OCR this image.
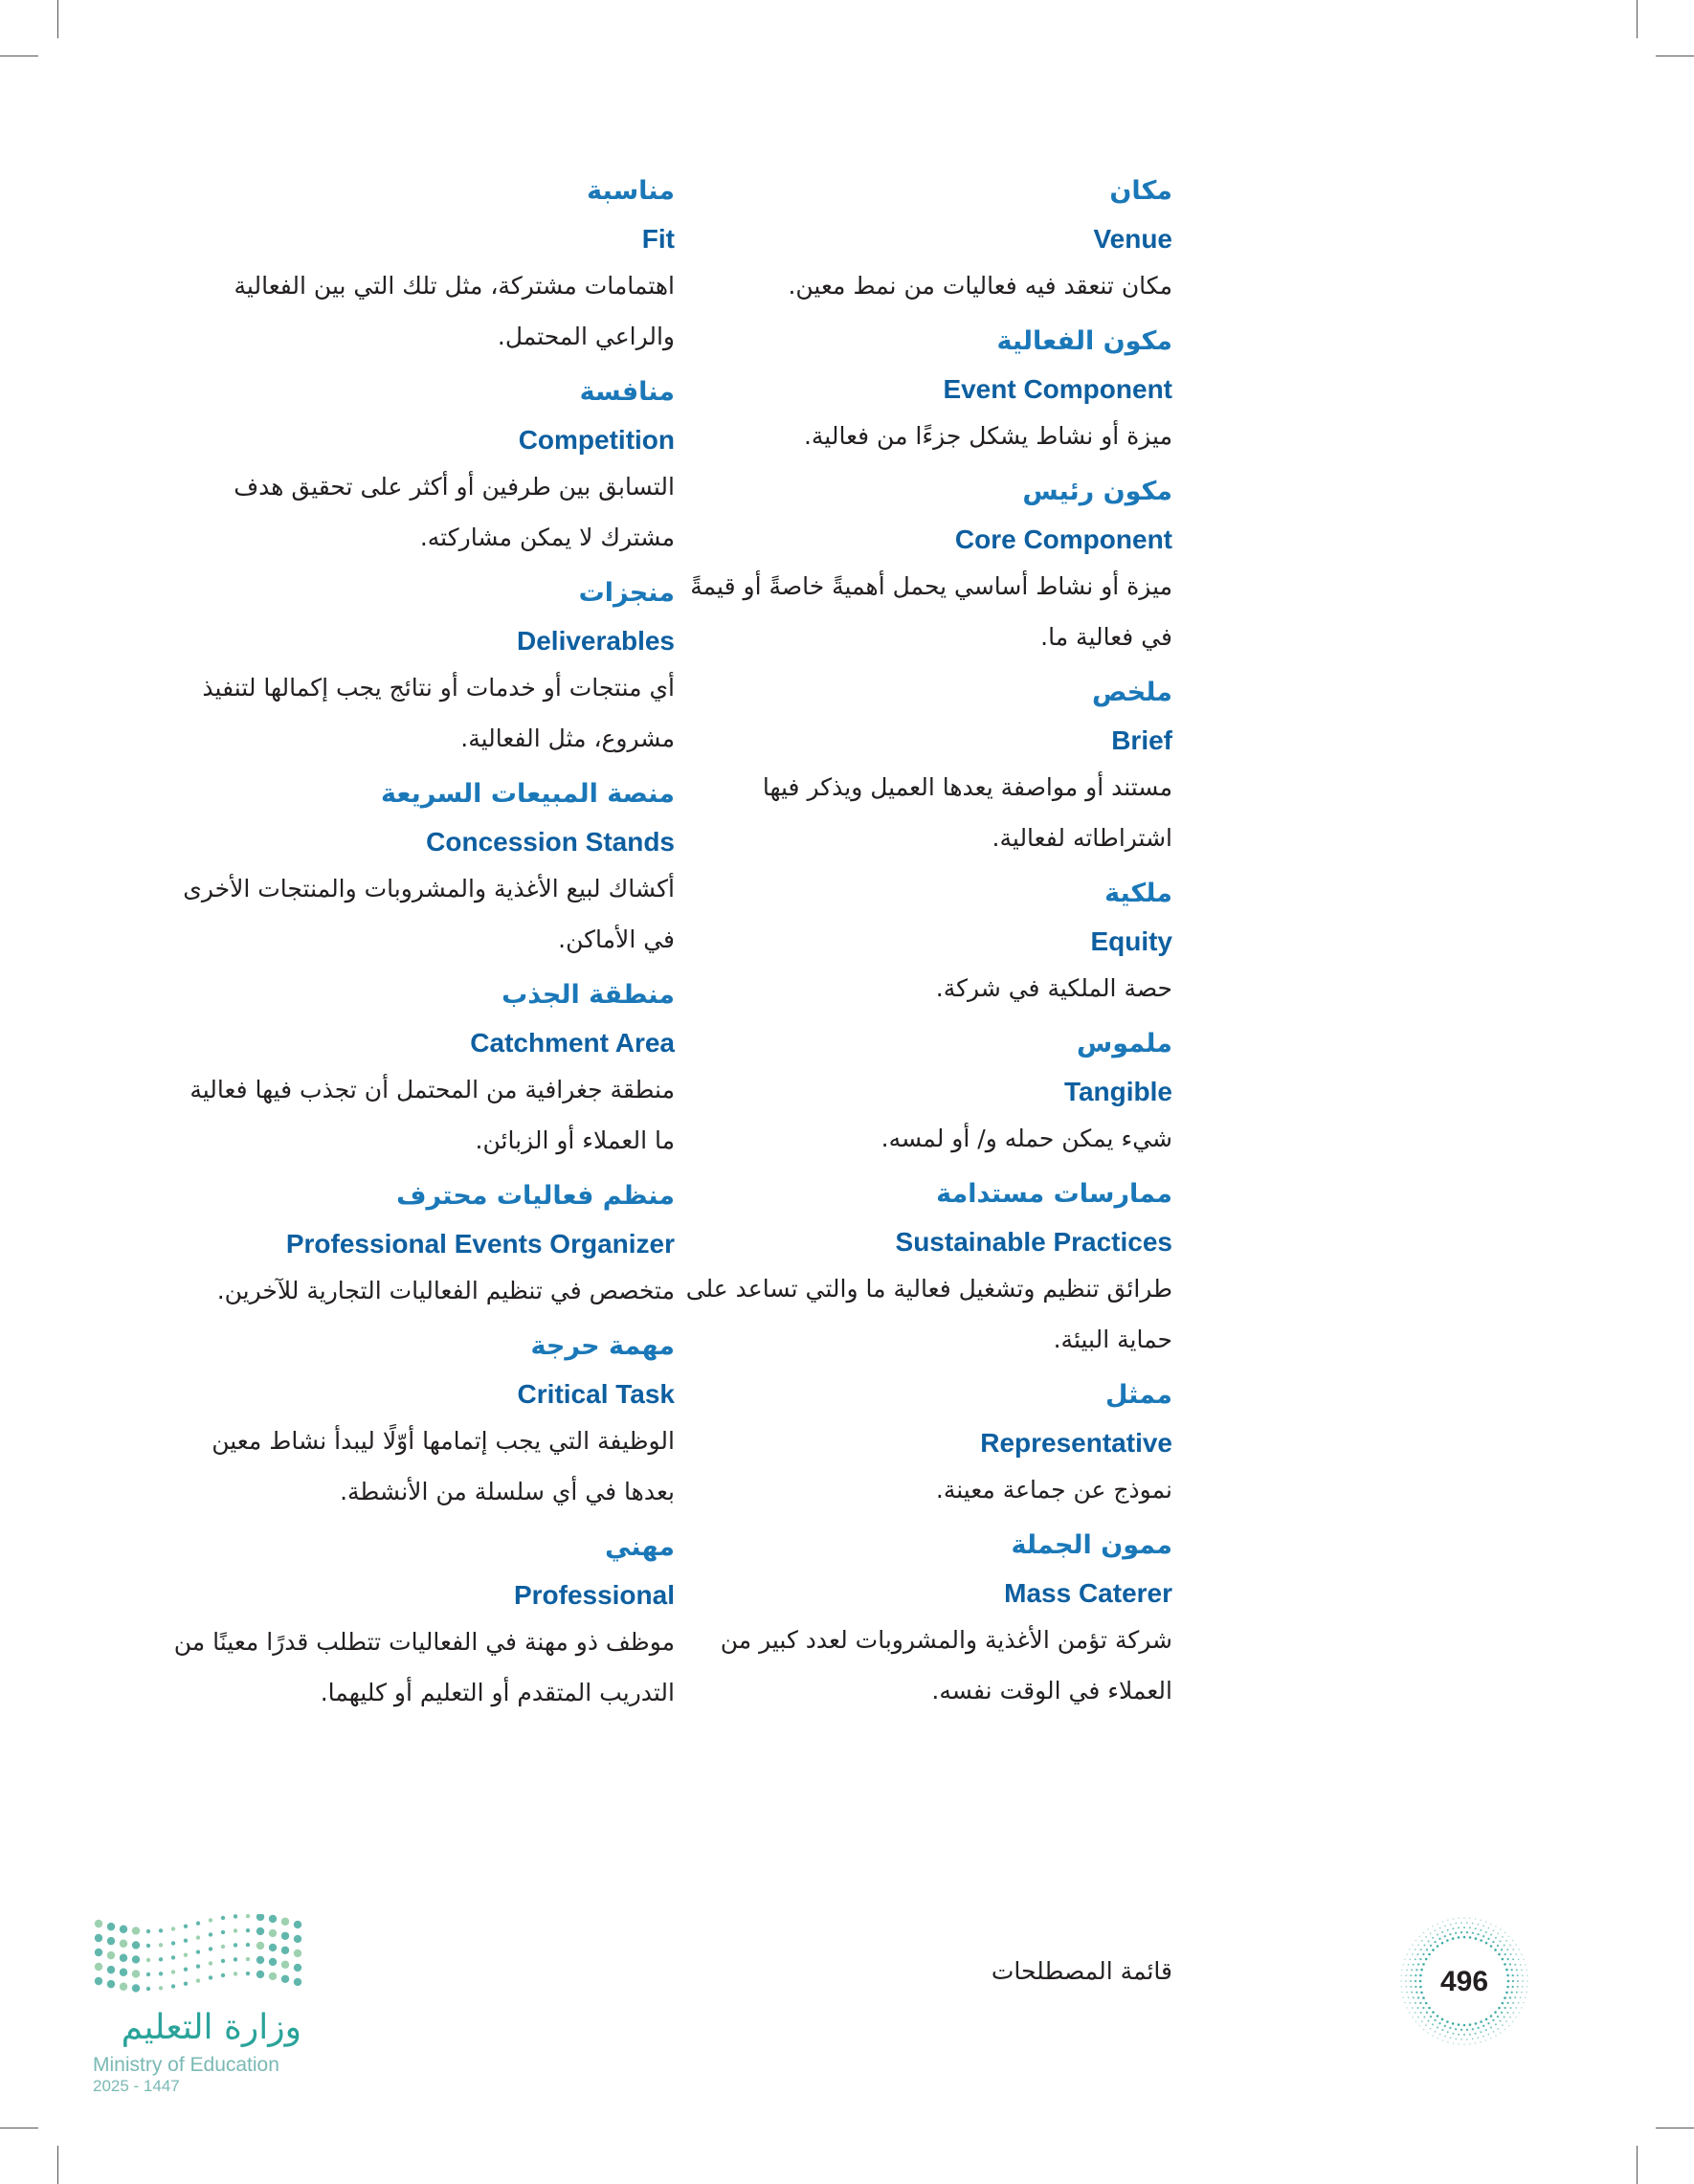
مكان
Venue
مكان تنعقد فيه فعاليات من نمط معين.
مكون الفعالية
Event Component
ميزة أو نشاط يشكل جزءًا من فعالية.
مكون رئيس
Core Component
ميزة أو نشاط أساسي يحمل أهميةً خاصةً أو قيمةً في فعالية ما.
ملخص
Brief
مستند أو مواصفة يعدها العميل ويذكر فيها اشتراطاته لفعالية.
ملكية
Equity
حصة الملكية في شركة.
ملموس
Tangible
شيء يمكن حمله و/ أو لمسه.
ممارسات مستدامة
Sustainable Practices
طرائق تنظيم وتشغيل فعالية ما والتي تساعد على حماية البيئة.
ممثل
Representative
نموذج عن جماعة معينة.
ممون الجملة
Mass Caterer
شركة تؤمن الأغذية والمشروبات لعدد كبير من العملاء في الوقت نفسه.
مناسبة
Fit
اهتمامات مشتركة، مثل تلك التي بين الفعالية والراعي المحتمل.
منافسة
Competition
التسابق بين طرفين أو أكثر على تحقيق هدف مشترك لا يمكن مشاركته.
منجزات
Deliverables
أي منتجات أو خدمات أو نتائج يجب إكمالها لتنفيذ مشروع، مثل الفعالية.
منصة المبيعات السريعة
Concession Stands
أكشاك لبيع الأغذية والمشروبات والمنتجات الأخرى في الأماكن.
منطقة الجذب
Catchment Area
منطقة جغرافية من المحتمل أن تجذب فيها فعالية ما العملاء أو الزبائن.
منظم فعاليات محترف
Professional Events Organizer
متخصص في تنظيم الفعاليات التجارية للآخرين.
مهمة حرجة
Critical Task
الوظيفة التي يجب إتمامها أوّلًا ليبدأ نشاط معين بعدها في أي سلسلة من الأنشطة.
مهني
Professional
موظف ذو مهنة في الفعاليات تتطلب قدرًا معينًا من التدريب المتقدم أو التعليم أو كليهما.
قائمة المصطلحات	496
وزارة التعليم
Ministry of Education
2025 - 1447
